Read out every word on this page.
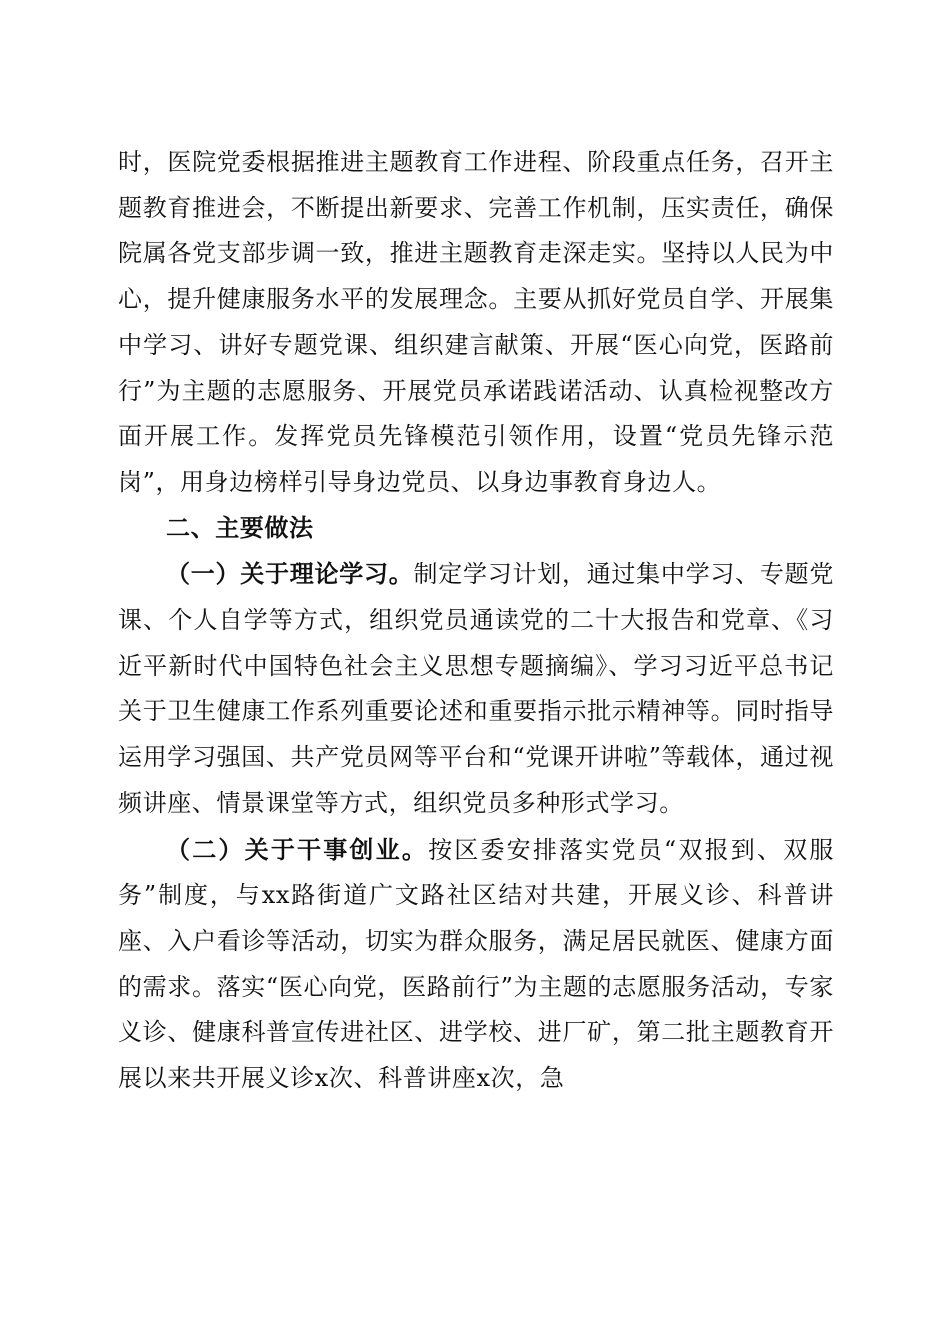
时，医院党委根据推进主题教育工作进程、阶段重点任务，召开主题教育推进会，不断提出新要求、完善工作机制，压实责任，确保院属各党支部步调一致，推进主题教育走深走实。坚持以人民为中心，提升健康服务水平的发展理念。主要从抓好党员自学、开展集中学习、讲好专题党课、组织建言献策、开展“医心向党，医路前行”为主题的志愿服务、开展党员承诺践诺活动、认真检视整改方面开展工作。发挥党员先锋模范引领作用，设置“党员先锋示范岗”，用身边榜样引导身边党员、以身边事教育身边人。

二、主要做法

（一）关于理论学习。制定学习计划，通过集中学习、专题党课、个人自学等方式，组织党员通读党的二十大报告和党章、《习近平新时代中国特色社会主义思想专题摘编》、学习习近平总书记关于卫生健康工作系列重要论述和重要指示批示精神等。同时指导运用学习强国、共产党员网等平台和“党课开讲啦”等载体，通过视频讲座、情景课堂等方式，组织党员多种形式学习。

（二）关于干事创业。按区委安排落实党员“双报到、双服务”制度，与xx路街道广文路社区结对共建，开展义诊、科普讲座、入户看诊等活动，切实为群众服务，满足居民就医、健康方面的需求。落实“医心向党，医路前行”为主题的志愿服务活动，专家义诊、健康科普宣传进社区、进学校、进厂矿，第二批主题教育开展以来共开展义诊x次、科普讲座x次，急
